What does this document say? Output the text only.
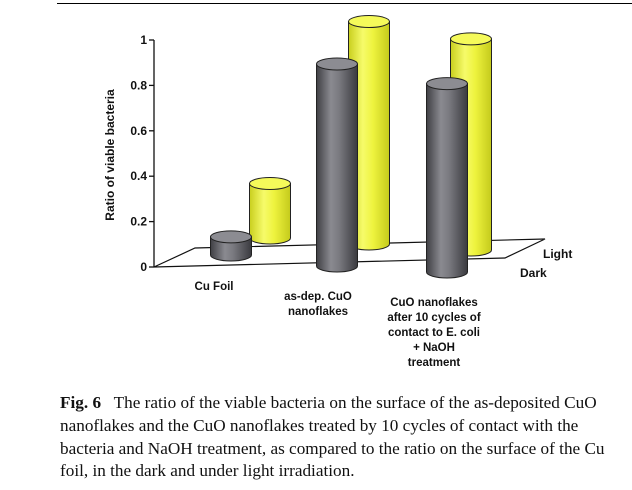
0
0.2
0.4
0.6
0.8
1
Ratio of viable bacteria
Cu Foil
as-dep. CuO nanoflakes
CuO nanoflakes after 10 cycles of contact to E. coli + NaOH treatment
Light
Dark

Fig. 6 The ratio of the viable bacteria on the surface of the as-deposited CuO nanoflakes and the CuO nanoflakes treated by 10 cycles of contact with the bacteria and NaOH treatment, as compared to the ratio on the surface of the Cu foil, in the dark and under light irradiation.
